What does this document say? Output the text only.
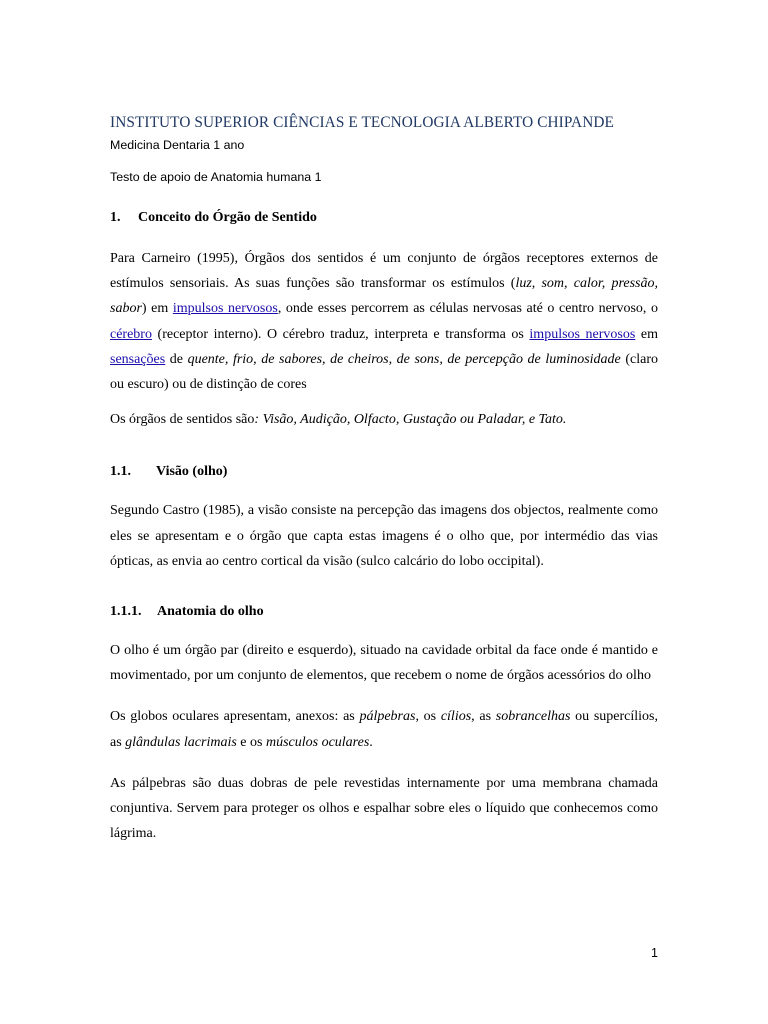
INSTITUTO SUPERIOR CIÊNCIAS E TECNOLOGIA ALBERTO CHIPANDE

Medicina Dentaria 1 ano

Testo de apoio de Anatomia humana 1

1. Conceito do Órgão de Sentido

Para Carneiro (1995), Órgãos dos sentidos é um conjunto de órgãos receptores externos de estímulos sensoriais. As suas funções são transformar os estímulos (luz, som, calor, pressão, sabor) em impulsos nervosos, onde esses percorrem as células nervosas até o centro nervoso, o cérebro (receptor interno). O cérebro traduz, interpreta e transforma os impulsos nervosos em sensações de quente, frio, de sabores, de cheiros, de sons, de percepção de luminosidade (claro ou escuro) ou de distinção de cores

Os órgãos de sentidos são: Visão, Audição, Olfacto, Gustação ou Paladar, e Tato.

1.1. Visão (olho)

Segundo Castro (1985), a visão consiste na percepção das imagens dos objectos, realmente como eles se apresentam e o órgão que capta estas imagens é o olho que, por intermédio das vias ópticas, as envia ao centro cortical da visão (sulco calcário do lobo occipital).

1.1.1. Anatomia do olho

O olho é um órgão par (direito e esquerdo), situado na cavidade orbital da face onde é mantido e movimentado, por um conjunto de elementos, que recebem o nome de órgãos acessórios do olho

Os globos oculares apresentam, anexos: as pálpebras, os cílios, as sobrancelhas ou supercílios, as glândulas lacrimais e os músculos oculares.

As pálpebras são duas dobras de pele revestidas internamente por uma membrana chamada conjuntiva. Servem para proteger os olhos e espalhar sobre eles o líquido que conhecemos como lágrima.

1
